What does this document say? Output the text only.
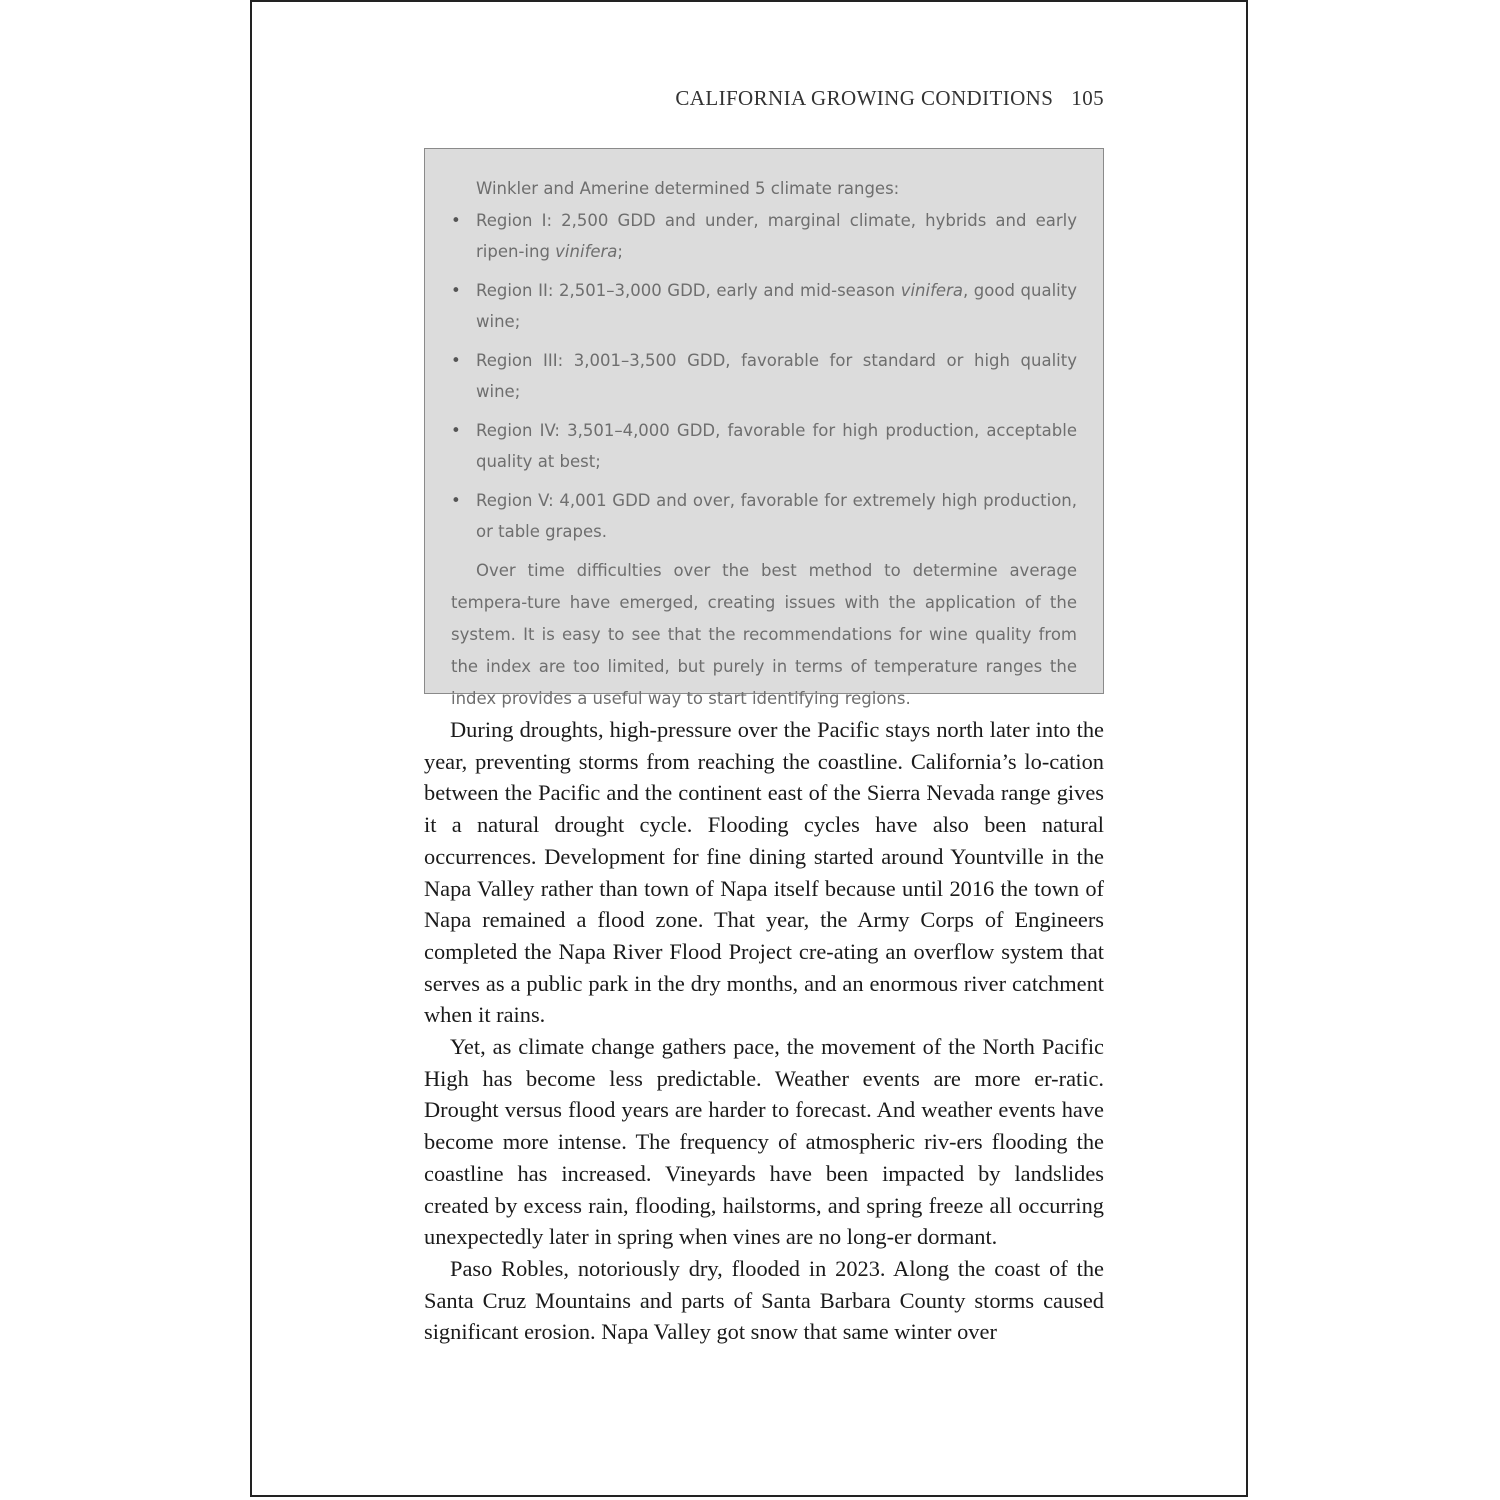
CALIFORNIA GROWING CONDITIONS 105

Winkler and Amerine determined 5 climate ranges:

• Region I: 2,500 GDD and under, marginal climate, hybrids and early ripen-ing vinifera;
• Region II: 2,501–3,000 GDD, early and mid-season vinifera, good quality wine;
• Region III: 3,001–3,500 GDD, favorable for standard or high quality wine;
• Region IV: 3,501–4,000 GDD, favorable for high production, acceptable quality at best;
• Region V: 4,001 GDD and over, favorable for extremely high production, or table grapes.

Over time difficulties over the best method to determine average tempera-ture have emerged, creating issues with the application of the system. It is easy to see that the recommendations for wine quality from the index are too limited, but purely in terms of temperature ranges the index provides a useful way to start identifying regions.

During droughts, high-pressure over the Pacific stays north later into the year, preventing storms from reaching the coastline. California’s lo-cation between the Pacific and the continent east of the Sierra Nevada range gives it a natural drought cycle. Flooding cycles have also been natural occurrences. Development for fine dining started around Yountville in the Napa Valley rather than town of Napa itself because until 2016 the town of Napa remained a flood zone. That year, the Army Corps of Engineers completed the Napa River Flood Project cre-ating an overflow system that serves as a public park in the dry months, and an enormous river catchment when it rains.

Yet, as climate change gathers pace, the movement of the North Pacific High has become less predictable. Weather events are more er-ratic. Drought versus flood years are harder to forecast. And weather events have become more intense. The frequency of atmospheric riv-ers flooding the coastline has increased. Vineyards have been impacted by landslides created by excess rain, flooding, hailstorms, and spring freeze all occurring unexpectedly later in spring when vines are no long-er dormant.

Paso Robles, notoriously dry, flooded in 2023. Along the coast of the Santa Cruz Mountains and parts of Santa Barbara County storms caused significant erosion. Napa Valley got snow that same winter over
